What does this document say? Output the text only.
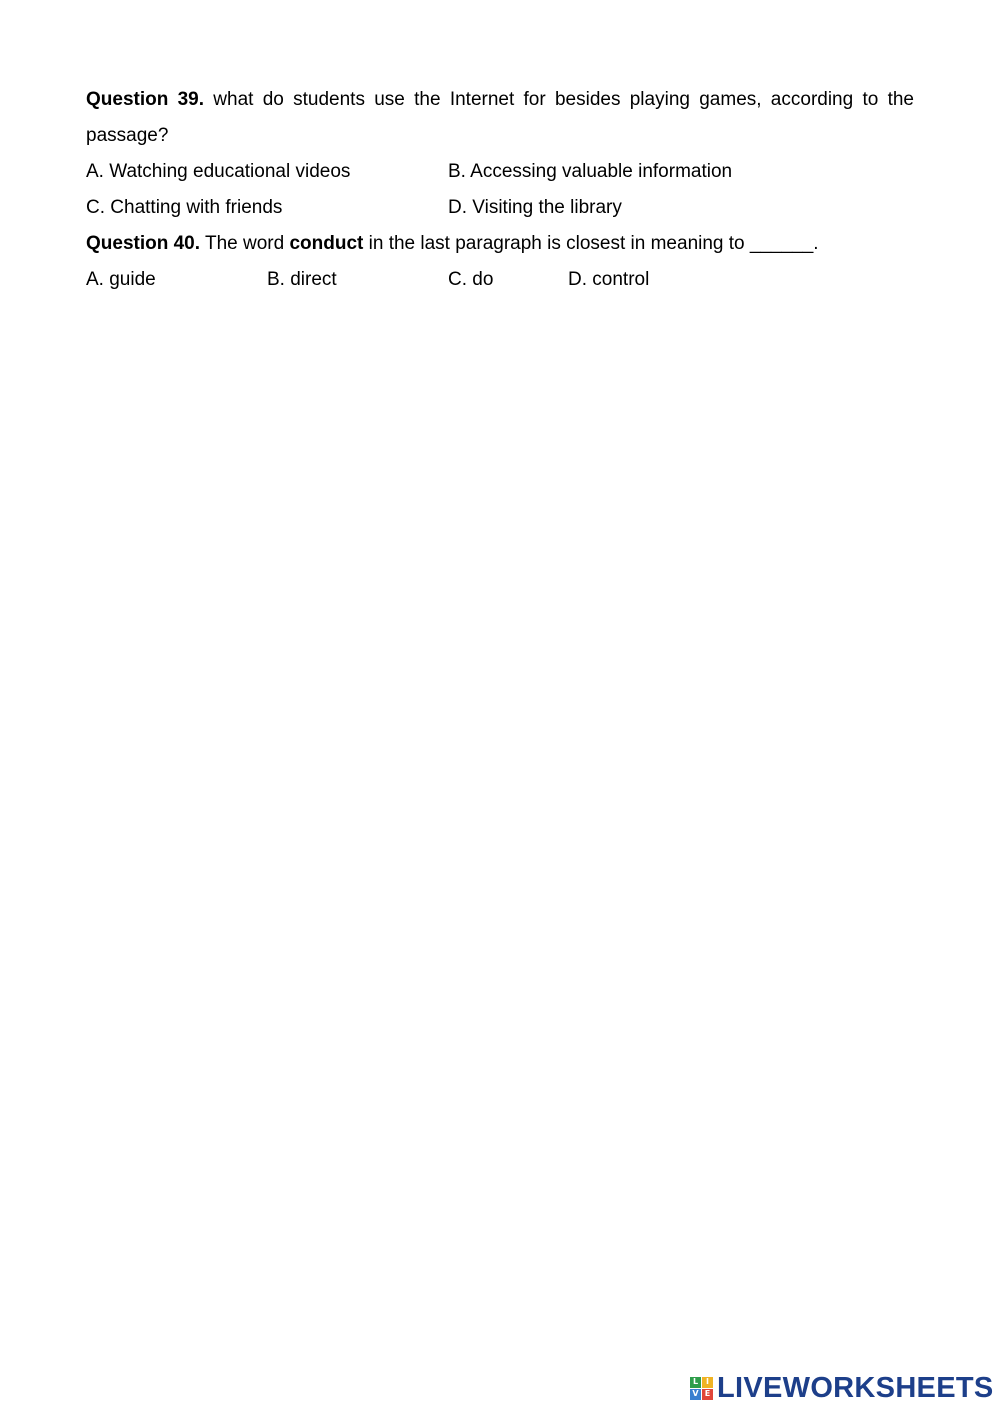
Question 39. what do students use the Internet for besides playing games, according to the passage?
A. Watching educational videos	B. Accessing valuable information
C. Chatting with friends	D. Visiting the library
Question 40. The word conduct in the last paragraph is closest in meaning to ______.
A. guide	B. direct	C. do	D. control
L I
V E LIVEWORKSHEETS
